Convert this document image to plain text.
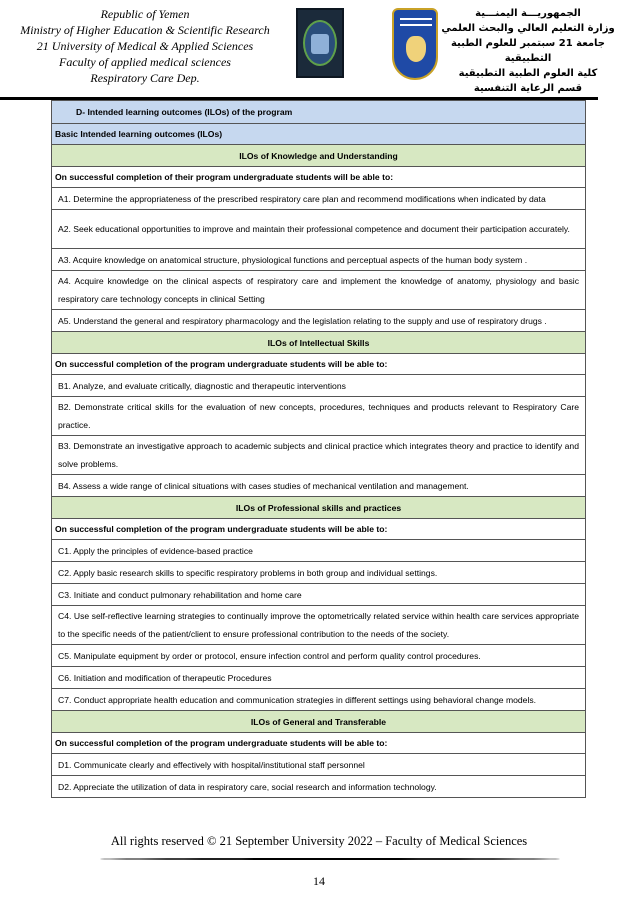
Republic of Yemen
Ministry of Higher Education & Scientific Research
21 University of Medical & Applied Sciences
Faculty of applied medical sciences
Respiratory Care Dep.
الجمهوريـــة اليمنـــية
وزارة التعليم العالي والبحث العلمي
جامعة 21 سبتمبر للعلوم الطبية التطبيقية
كلية العلوم الطبية التطبيقية
قسم الرعاية التنفسية
D- Intended learning outcomes (ILOs) of the program
Basic Intended learning outcomes (ILOs)
ILOs of Knowledge and Understanding
On successful completion of their program undergraduate students will be able to:
A1. Determine the appropriateness of the prescribed respiratory care plan and recommend modifications when indicated by data
A2. Seek educational opportunities to improve and maintain their professional competence and document their participation accurately.
A3. Acquire knowledge on anatomical structure, physiological functions and perceptual aspects of the human body system .
A4. Acquire knowledge on the clinical aspects of respiratory care and implement the knowledge of anatomy, physiology and basic respiratory care technology concepts in clinical Setting
A5. Understand the general and respiratory pharmacology and the legislation relating to the supply and use of respiratory drugs .
ILOs of Intellectual Skills
On successful completion of the program undergraduate students will be able to:
B1. Analyze, and evaluate critically, diagnostic and therapeutic interventions
B2. Demonstrate critical skills for the evaluation of new concepts, procedures, techniques and products relevant to Respiratory Care practice.
B3. Demonstrate an investigative approach to academic subjects and clinical practice which integrates theory and practice to identify and solve problems.
B4. Assess a wide range of clinical situations with cases studies of mechanical ventilation and management.
ILOs of Professional skills and practices
On successful completion of the program undergraduate students will be able to:
C1. Apply the principles of evidence-based practice
C2. Apply basic research skills to specific respiratory problems in both group and individual settings.
C3. Initiate and conduct pulmonary rehabilitation and home care
C4. Use self-reflective learning strategies to continually improve the optometrically related service within health care services appropriate to the specific needs of the patient/client to ensure professional contribution to the needs of the society.
C5. Manipulate equipment by order or protocol, ensure infection control and perform quality control procedures.
C6. Initiation and modification of therapeutic Procedures
C7. Conduct appropriate health education and communication strategies in different settings using behavioral change models.
ILOs of General and Transferable
On successful completion of the program undergraduate students will be able to:
D1. Communicate clearly and effectively with hospital/institutional staff personnel
D2. Appreciate the utilization of data in respiratory care, social research and information technology.
All rights reserved © 21 September University 2022 – Faculty of Medical Sciences
14
